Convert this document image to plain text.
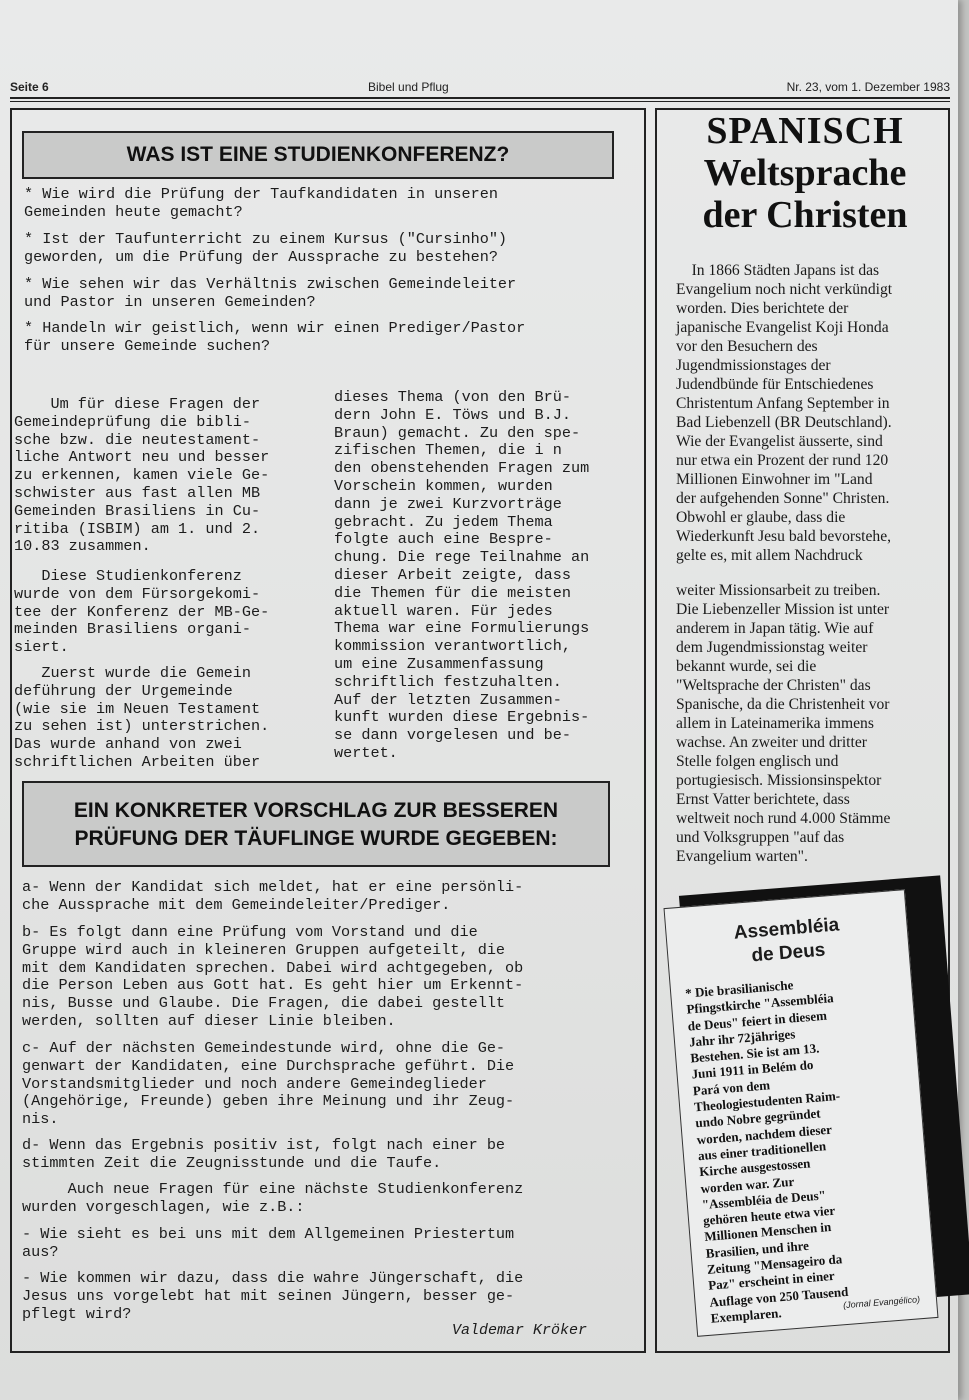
Seite 6	Bibel und Pflug	Nr. 23, vom 1. Dezember 1983
WAS IST EINE STUDIENKONFERENZ?

* Wie wird die Prüfung der Taufkandidaten in unseren
Gemeinden heute gemacht?

* Ist der Taufunterricht zu einem Kursus ("Cursinho")
geworden, um die Prüfung der Aussprache zu bestehen?

* Wie sehen wir das Verhältnis zwischen Gemeindeleiter
und Pastor in unseren Gemeinden?

* Handeln wir geistlich, wenn wir einen Prediger/Pastor
für unsere Gemeinde suchen?

Um für diese Fragen der
Gemeindeprüfung die bibli-
sche bzw. die neutestament-
liche Antwort neu und besser
zu erkennen, kamen viele Ge-
schwister aus fast allen MB
Gemeinden Brasiliens in Cu-
ritiba (ISBIM) am 1. und 2.
10.83 zusammen.

Diese Studienkonferenz
wurde von dem Fürsorgekomi-
tee der Konferenz der MB-Ge-
meinden Brasiliens organi-
siert.

Zuerst wurde die Gemein
deführung der Urgemeinde
(wie sie im Neuen Testament
zu sehen ist) unterstrichen.
Das wurde anhand von zwei
schriftlichen Arbeiten über

dieses Thema (von den Brü-
dern John E. Töws und B.J.
Braun) gemacht. Zu den spe-
zifischen Themen, die i n
den obenstehenden Fragen zum
Vorschein kommen, wurden
dann je zwei Kurzvorträge
gebracht. Zu jedem Thema
folgte auch eine Bespre-
chung. Die rege Teilnahme an
dieser Arbeit zeigte, dass
die Themen für die meisten
aktuell waren. Für jedes
Thema war eine Formulierungs
kommission verantwortlich,
um eine Zusammenfassung
schriftlich festzuhalten.
Auf der letzten Zusammen-
kunft wurden diese Ergebnis-
se dann vorgelesen und be-
wertet.

EIN KONKRETER VORSCHLAG ZUR BESSEREN
PRÜFUNG DER TÄUFLINGE WURDE GEGEBEN:

a- Wenn der Kandidat sich meldet, hat er eine persönli-
che Aussprache mit dem Gemeindeleiter/Prediger.

b- Es folgt dann eine Prüfung vom Vorstand und die
Gruppe wird auch in kleineren Gruppen aufgeteilt, die
mit dem Kandidaten sprechen. Dabei wird achtgegeben, ob
die Person Leben aus Gott hat. Es geht hier um Erkennt-
nis, Busse und Glaube. Die Fragen, die dabei gestellt
werden, sollten auf dieser Linie bleiben.

c- Auf der nächsten Gemeindestunde wird, ohne die Ge-
genwart der Kandidaten, eine Durchsprache geführt. Die
Vorstandsmitglieder und noch andere Gemeindeglieder
(Angehörige, Freunde) geben ihre Meinung und ihr Zeug-
nis.

d- Wenn das Ergebnis positiv ist, folgt nach einer be
stimmten Zeit die Zeugnisstunde und die Taufe.

Auch neue Fragen für eine nächste Studienkonferenz
wurden vorgeschlagen, wie z.B.:

- Wie sieht es bei uns mit dem Allgemeinen Priestertum
aus?

- Wie kommen wir dazu, dass die wahre Jüngerschaft, die
Jesus uns vorgelebt hat mit seinen Jüngern, besser ge-
pflegt wird?

Valdemar Kröker
SPANISCH
Weltsprache
der Christen

In 1866 Städten Japans ist das
Evangelium noch nicht verkündigt
worden. Dies berichtete der
japanische Evangelist Koji Honda
vor den Besuchern des
Jugendmissionstages der
Judendbünde für Entschiedenes
Christentum Anfang September in
Bad Liebenzell (BR Deutschland).
Wie der Evangelist äusserte, sind
nur etwa ein Prozent der rund 120
Millionen Einwohner im "Land
der aufgehenden Sonne" Christen.
Obwohl er glaube, dass die
Wiederkunft Jesu bald bevorstehe,
gelte es, mit allem Nachdruck

weiter Missionsarbeit zu treiben.
Die Liebenzeller Mission ist unter
anderem in Japan tätig. Wie auf
dem Jugendmissionstag weiter
bekannt wurde, sei die
"Weltsprache der Christen" das
Spanische, da die Christenheit vor
allem in Lateinamerika immens
wachse. An zweiter und dritter
Stelle folgen englisch und
portugiesisch. Missionsinspektor
Ernst Vatter berichtete, dass
weltweit noch rund 4.000 Stämme
und Volksgruppen "auf das
Evangelium warten".

Assembléia
de Deus

* Die brasilianische
Pfingstkirche "Assembléia
de Deus" feiert in diesem
Jahr ihr 72jähriges
Bestehen. Sie ist am 13.
Juni 1911 in Belém do
Pará von dem
Theologiestudenten Raim-
undo Nobre gegründet
worden, nachdem dieser
aus einer traditionellen
Kirche ausgestossen
worden war. Zur
"Assembléia de Deus"
gehören heute etwa vier
Millionen Menschen in
Brasilien, und ihre
Zeitung "Mensageiro da
Paz" erscheint in einer
Auflage von 250 Tausend
Exemplaren.

(Jornal Evangélico)
